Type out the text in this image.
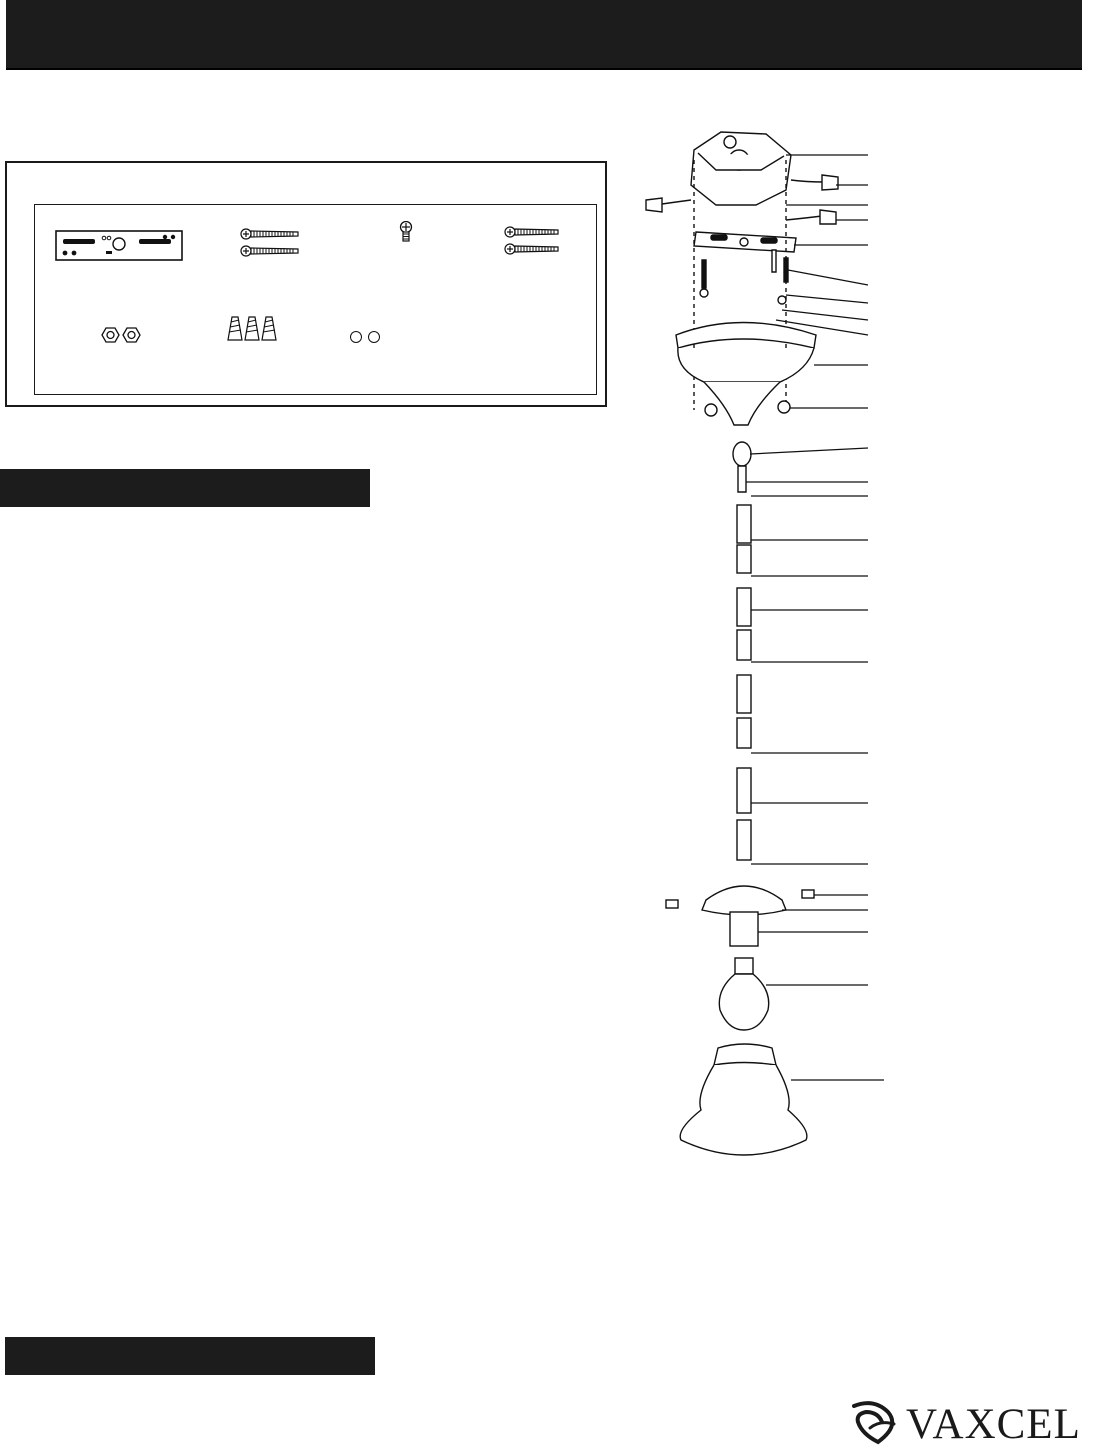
VAXCEL
